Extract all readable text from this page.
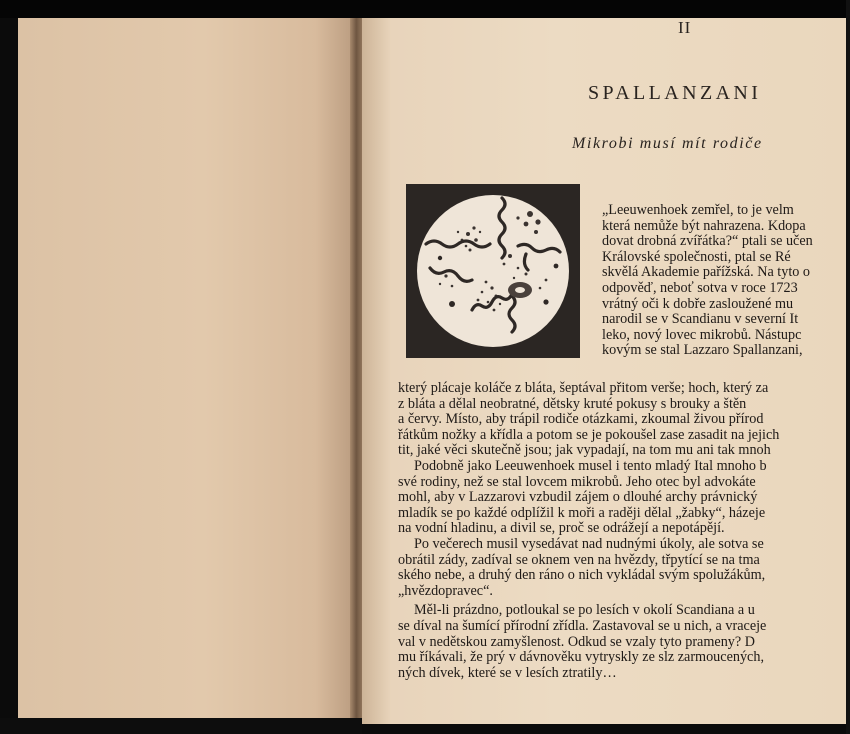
II
SPALLANZANI
Mikrobi musí mít rodiče
„Leeuwenhoek zemřel, to je velm
která nemůže být nahrazena. Kdopa
dovat drobná zvířátka?“ ptali se učen
Královské společnosti, ptal se Ré
skvělá Akademie pařížská. Na tyto o
odpověď, neboť sotva v roce 1723
vrátný oči k dobře zasloužené mu
narodil se v Scandianu v severní It
leko, nový lovec mikrobů. Nástupc
kovým se stal Lazzaro Spallanzani,
který plácaje koláče z bláta, šeptával přitom verše; hoch, který za
z bláta a dělal neobratné, dětsky kruté pokusy s brouky a štěn
a červy. Místo, aby trápil rodiče otázkami, zkoumal živou přírod
řátkům nožky a křídla a potom se je pokoušel zase zasadit na jejich
tit, jaké věci skutečně jsou; jak vypadají, na tom mu ani tak mnoh
Podobně jako Leeuwenhoek musel i tento mladý Ital mnoho b
své rodiny, než se stal lovcem mikrobů. Jeho otec byl advokáte
mohl, aby v Lazzarovi vzbudil zájem o dlouhé archy právnický
mladík se po každé odplížil k moři a raději dělal „žabky“, házeje
na vodní hladinu, a divil se, proč se odrážejí a nepotápějí.
Po večerech musil vysedávat nad nudnými úkoly, ale sotva se
obrátil zády, zadíval se oknem ven na hvězdy, třpytící se na tma
ského nebe, a druhý den ráno o nich vykládal svým spolužákům,
„hvězdopravec“.
Měl-li prázdno, potloukal se po lesích v okolí Scandiana a u
se díval na šumící přírodní zřídla. Zastavoval se u nich, a vraceje
val v nedětskou zamyšlenost. Odkud se vzaly tyto prameny? D
mu říkávali, že prý v dávnověku vytryskly ze slz zarmoucených,
ných dívek, které se v lesích ztratily…
